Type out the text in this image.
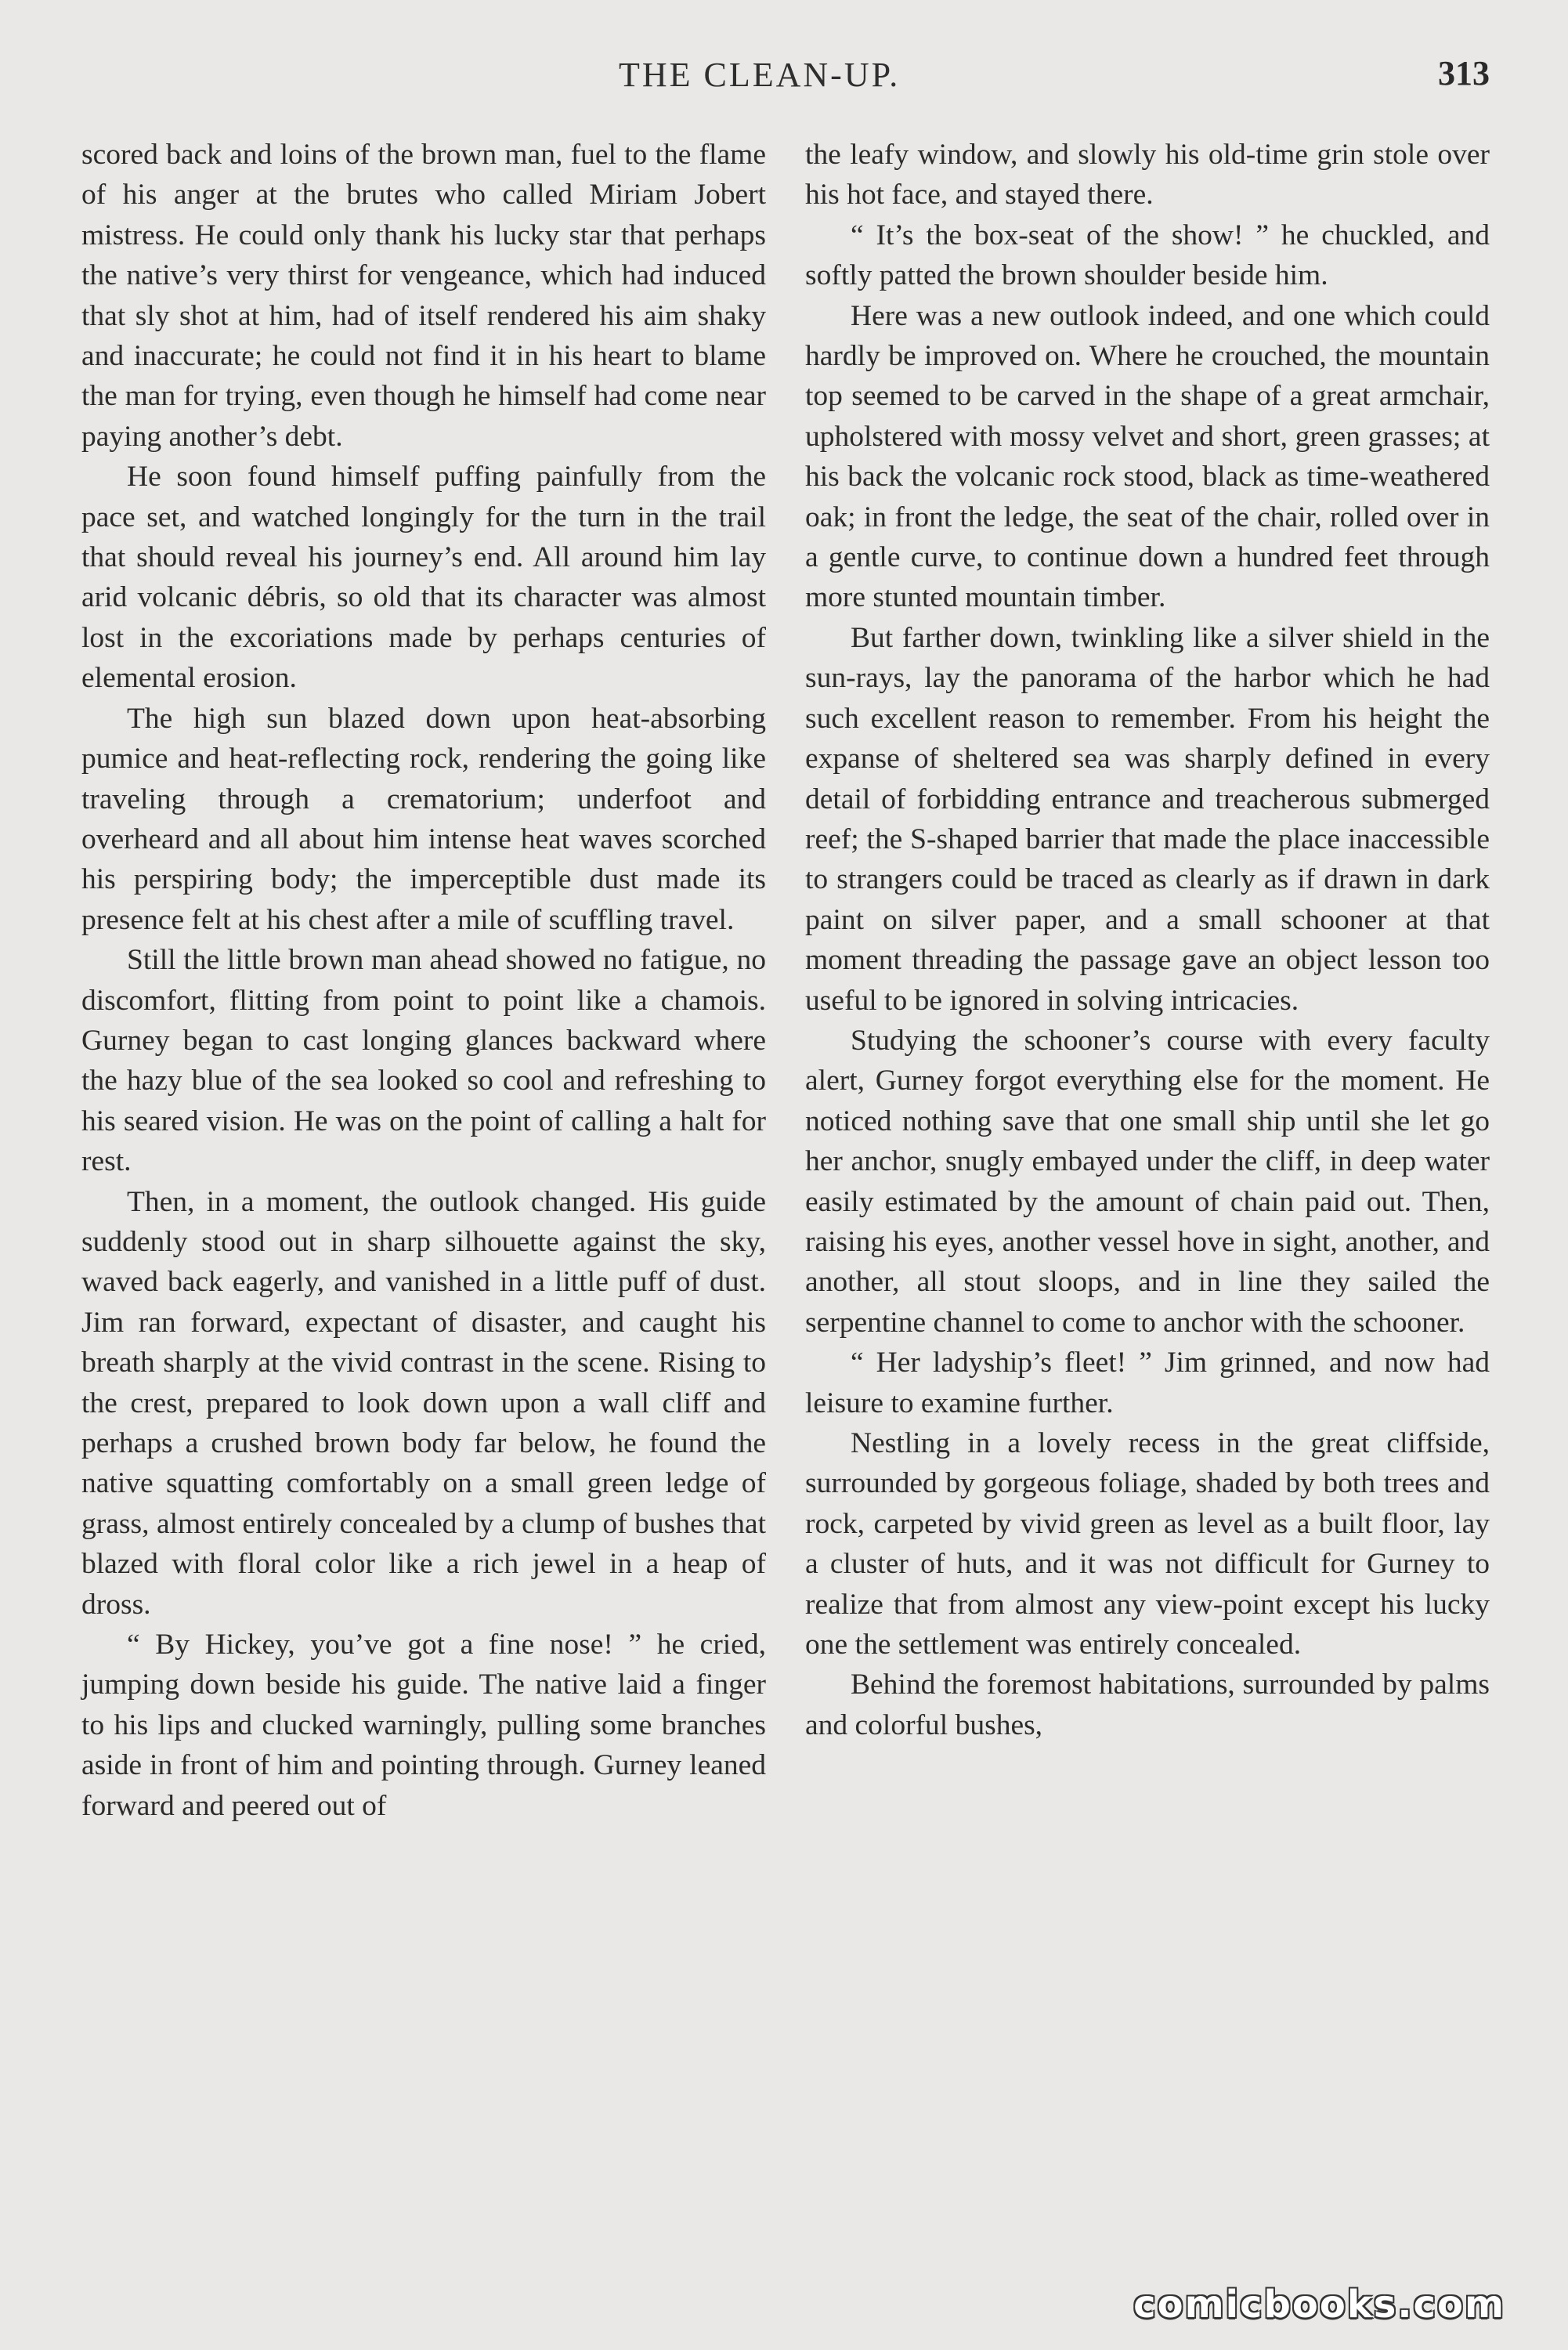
THE CLEAN-UP.	313

scored back and loins of the brown man, fuel to the flame of his anger at the brutes who called Miriam Jobert mistress. He could only thank his lucky star that perhaps the native’s very thirst for vengeance, which had induced that sly shot at him, had of itself rendered his aim shaky and inaccurate; he could not find it in his heart to blame the man for trying, even though he himself had come near paying another’s debt.

He soon found himself puffing painfully from the pace set, and watched longingly for the turn in the trail that should reveal his journey’s end. All around him lay arid volcanic débris, so old that its character was almost lost in the excoriations made by perhaps centuries of elemental erosion.

The high sun blazed down upon heat-absorbing pumice and heat-reflecting rock, rendering the going like traveling through a crematorium; underfoot and overheard and all about him intense heat waves scorched his perspiring body; the imperceptible dust made its presence felt at his chest after a mile of scuffling travel.

Still the little brown man ahead showed no fatigue, no discomfort, flitting from point to point like a chamois. Gurney began to cast longing glances backward where the hazy blue of the sea looked so cool and refreshing to his seared vision. He was on the point of calling a halt for rest.

Then, in a moment, the outlook changed. His guide suddenly stood out in sharp silhouette against the sky, waved back eagerly, and vanished in a little puff of dust. Jim ran forward, expectant of disaster, and caught his breath sharply at the vivid contrast in the scene. Rising to the crest, prepared to look down upon a wall cliff and perhaps a crushed brown body far below, he found the native squatting comfortably on a small green ledge of grass, almost entirely concealed by a clump of bushes that blazed with floral color like a rich jewel in a heap of dross.

“ By Hickey, you’ve got a fine nose! ” he cried, jumping down beside his guide. The native laid a finger to his lips and clucked warningly, pulling some branches aside in front of him and pointing through. Gurney leaned forward and peered out of

the leafy window, and slowly his old-time grin stole over his hot face, and stayed there.

“ It’s the box-seat of the show! ” he chuckled, and softly patted the brown shoulder beside him.

Here was a new outlook indeed, and one which could hardly be improved on. Where he crouched, the mountain top seemed to be carved in the shape of a great armchair, upholstered with mossy velvet and short, green grasses; at his back the volcanic rock stood, black as time-weathered oak; in front the ledge, the seat of the chair, rolled over in a gentle curve, to continue down a hundred feet through more stunted mountain timber.

But farther down, twinkling like a silver shield in the sun-rays, lay the panorama of the harbor which he had such excellent reason to remember. From his height the expanse of sheltered sea was sharply defined in every detail of forbidding entrance and treacherous submerged reef; the S-shaped barrier that made the place inaccessible to strangers could be traced as clearly as if drawn in dark paint on silver paper, and a small schooner at that moment threading the passage gave an object lesson too useful to be ignored in solving intricacies.

Studying the schooner’s course with every faculty alert, Gurney forgot everything else for the moment. He noticed nothing save that one small ship until she let go her anchor, snugly embayed under the cliff, in deep water easily estimated by the amount of chain paid out. Then, raising his eyes, another vessel hove in sight, another, and another, all stout sloops, and in line they sailed the serpentine channel to come to anchor with the schooner.

“ Her ladyship’s fleet! ” Jim grinned, and now had leisure to examine further.

Nestling in a lovely recess in the great cliffside, surrounded by gorgeous foliage, shaded by both trees and rock, carpeted by vivid green as level as a built floor, lay a cluster of huts, and it was not difficult for Gurney to realize that from almost any view-point except his lucky one the settlement was entirely concealed.

Behind the foremost habitations, surrounded by palms and colorful bushes,

comicbooks.com
